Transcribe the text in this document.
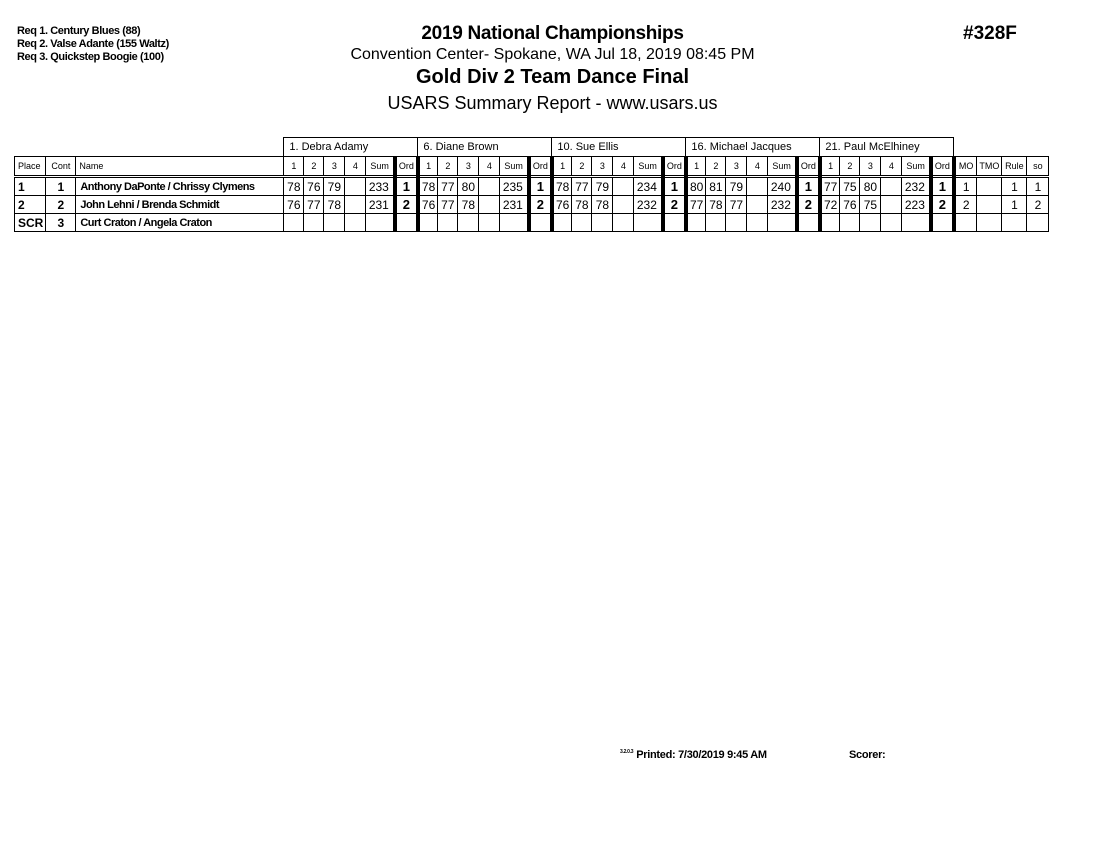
Req 1. Century Blues (88)
Req 2. Valse Adante (155 Waltz)
Req 3. Quickstep Boogie (100)
2019 National Championships
Convention Center- Spokane, WA Jul 18, 2019 08:45 PM
Gold Div 2 Team Dance Final
USARS Summary Report - www.usars.us
#328F
			1. Debra Adamy						6. Diane Brown						10. Sue Ellis						16. Michael Jacques						21. Paul McElhiney									
Place	Cont	Name	1	2	3	4	Sum	Ord	1	2	3	4	Sum	Ord	1	2	3	4	Sum	Ord	1	2	3	4	Sum	Ord	1	2	3	4	Sum	Ord	MO	TMO	Rule	so
1	1	Anthony DaPonte / Chrissy Clymens	78	76	79		233	1	78	77	80		235	1	78	77	79		234	1	80	81	79		240	1	77	75	80		232	1	1		1	1
2	2	John Lehni / Brenda Schmidt	76	77	78		231	2	76	77	78		231	2	76	78	78		232	2	77	78	77		232	2	72	76	75		223	2	2		1	2
SCR	3	Curt Craton / Angela Craton																																		
$^{3.2.0.3}$ Printed: 7/30/2019 9:45 AM	Scorer:
